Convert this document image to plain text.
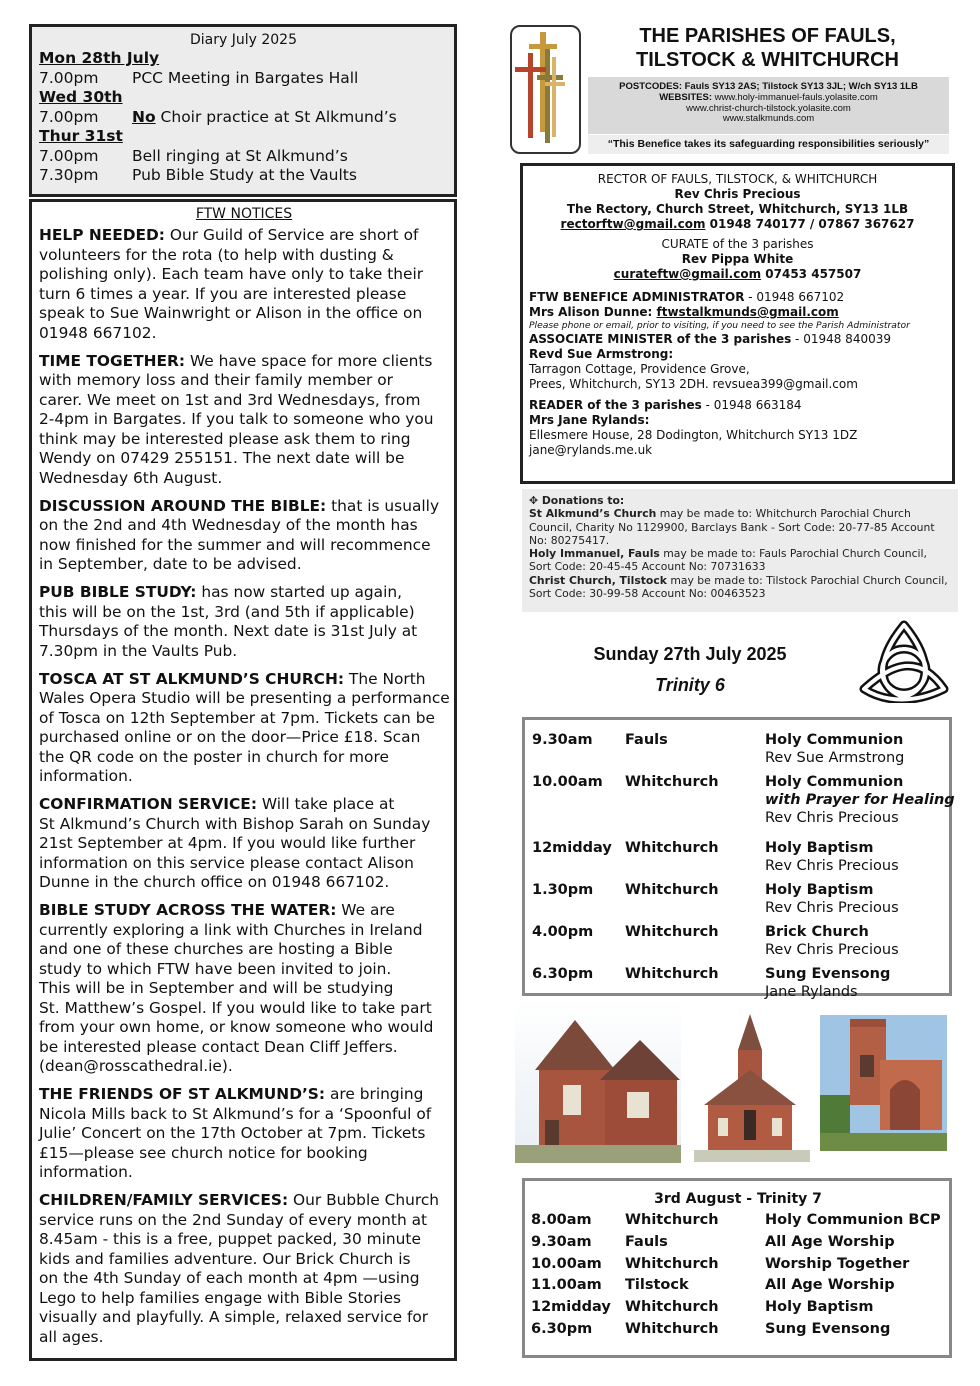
Diary July 2025
Mon 28th July
7.00pm	PCC Meeting in Bargates Hall
Wed 30th
7.00pm	No Choir practice at St Alkmund’s
Thur 31st
7.00pm	Bell ringing at St Alkmund’s
7.30pm	Pub Bible Study at the Vaults
FTW NOTICES
HELP NEEDED: Our Guild of Service are short of
volunteers for the rota (to help with dusting &
polishing only). Each team have only to take their
turn 6 times a year. If you are interested please
speak to Sue Wainwright or Alison in the office on
01948 667102.
TIME TOGETHER: We have space for more clients
with memory loss and their family member or
carer. We meet on 1st and 3rd Wednesdays, from
2-4pm in Bargates. If you talk to someone who you
think may be interested please ask them to ring
Wendy on 07429 255151. The next date will be
Wednesday 6th August.
DISCUSSION AROUND THE BIBLE: that is usually
on the 2nd and 4th Wednesday of the month has
now finished for the summer and will recommence
in September, date to be advised.
PUB BIBLE STUDY: has now started up again,
this will be on the 1st, 3rd (and 5th if applicable)
Thursdays of the month. Next date is 31st July at
7.30pm in the Vaults Pub.
TOSCA AT ST ALKMUND’S CHURCH: The North
Wales Opera Studio will be presenting a performance
of Tosca on 12th September at 7pm. Tickets can be
purchased online or on the door—Price £18. Scan
the QR code on the poster in church for more
information.
CONFIRMATION SERVICE: Will take place at
St Alkmund’s Church with Bishop Sarah on Sunday
21st September at 4pm. If you would like further
information on this service please contact Alison
Dunne in the church office on 01948 667102.
BIBLE STUDY ACROSS THE WATER: We are
currently exploring a link with Churches in Ireland
and one of these churches are hosting a Bible
study to which FTW have been invited to join.
This will be in September and will be studying
St. Matthew’s Gospel. If you would like to take part
from your own home, or know someone who would
be interested please contact Dean Cliff Jeffers.
(dean@rosscathedral.ie).
THE FRIENDS OF ST ALKMUND’S: are bringing
Nicola Mills back to St Alkmund’s for a ‘Spoonful of
Julie’ Concert on the 17th October at 7pm. Tickets
£15—please see church notice for booking
information.
CHILDREN/FAMILY SERVICES: Our Bubble Church
service runs on the 2nd Sunday of every month at
8.45am - this is a free, puppet packed, 30 minute
kids and families adventure. Our Brick Church is
on the 4th Sunday of each month at 4pm —using
Lego to help families engage with Bible Stories
visually and playfully. A simple, relaxed service for
all ages.
THE PARISHES OF FAULS,
TILSTOCK & WHITCHURCH
POSTCODES: Fauls SY13 2AS; Tilstock SY13 3JL; W/ch SY13 1LB
WEBSITES: www.holy-immanuel-fauls.yolasite.com
www.christ-church-tilstock.yolasite.com
www.stalkmunds.com
“This Benefice takes its safeguarding responsibilities seriously”
RECTOR OF FAULS, TILSTOCK, & WHITCHURCH
Rev Chris Precious
The Rectory, Church Street, Whitchurch, SY13 1LB
rectorftw@gmail.com 01948 740177 / 07867 367627
CURATE of the 3 parishes
Rev Pippa White
curateftw@gmail.com 07453 457507
FTW BENEFICE ADMINISTRATOR - 01948 667102
Mrs Alison Dunne: ftwstalkmunds@gmail.com
Please phone or email, prior to visiting, if you need to see the Parish Administrator
ASSOCIATE MINISTER of the 3 parishes - 01948 840039
Revd Sue Armstrong:
Tarragon Cottage, Providence Grove,
Prees, Whitchurch, SY13 2DH. revsuea399@gmail.com
READER of the 3 parishes - 01948 663184
Mrs Jane Rylands:
Ellesmere House, 28 Dodington, Whitchurch SY13 1DZ
jane@rylands.me.uk
✥ Donations to:
St Alkmund’s Church may be made to: Whitchurch Parochial Church Council, Charity No 1129900, Barclays Bank - Sort Code: 20-77-85 Account No: 80275417.
Holy Immanuel, Fauls may be made to: Fauls Parochial Church Council, Sort Code: 20-45-45 Account No: 70731633
Christ Church, Tilstock may be made to: Tilstock Parochial Church Council, Sort Code: 30-99-58 Account No: 00463523
Sunday 27th July 2025
Trinity 6
9.30am	Fauls	Holy Communion
Rev Sue Armstrong
10.00am	Whitchurch	Holy Communion
with Prayer for Healing
Rev Chris Precious
12midday Whitchurch	Holy Baptism
Rev Chris Precious
1.30pm	Whitchurch	Holy Baptism
Rev Chris Precious
4.00pm	Whitchurch	Brick Church
Rev Chris Precious
6.30pm	Whitchurch	Sung Evensong
Jane Rylands
3rd August - Trinity 7
8.00am	Whitchurch	Holy Communion BCP
9.30am	Fauls	All Age Worship
10.00am	Whitchurch	Worship Together
11.00am	Tilstock	All Age Worship
12midday Whitchurch	Holy Baptism
6.30pm	Whitchurch	Sung Evensong
